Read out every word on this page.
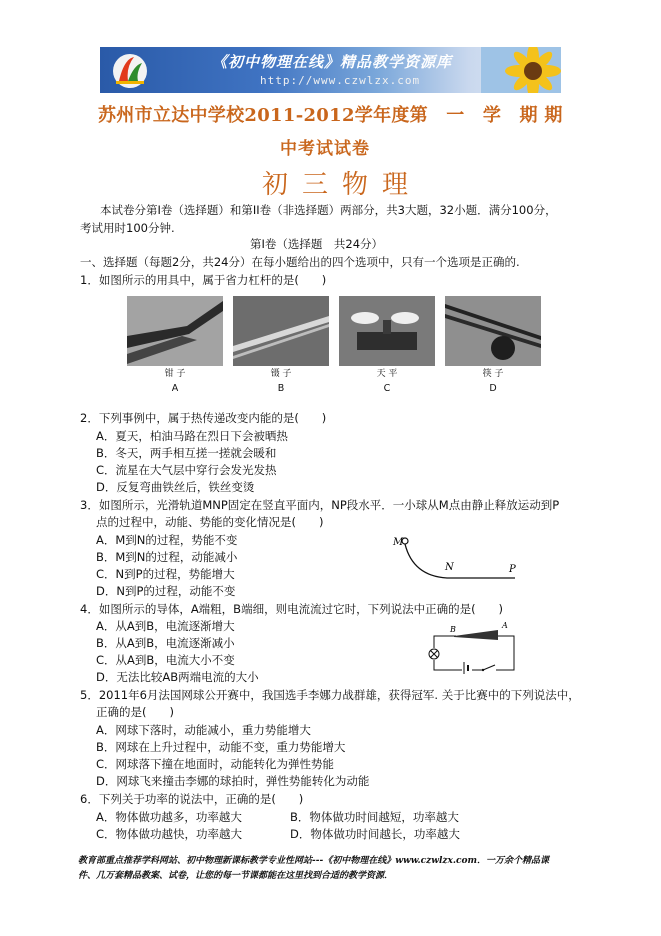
《初中物理在线》精品教学资源库
http://www.czwlzx.com
苏州市立达中学校2011-2012学年度第　一　学　期 期
中考试试卷
初三物理
本试卷分第Ⅰ卷（选择题）和第II卷（非选择题）两部分，共3大题，32小题．满分100分，
考试用时100分钟.
第Ⅰ卷（选择题　共24分）
一、选择题（每题2分，共24分）在每小题给出的四个选项中，只有一个选项是正确的.
1．如图所示的用具中，属于省力杠杆的是(　　)
钳 子	镊 子	天 平	筷 子
A	B	C	D
2．下列事例中，属于热传递改变内能的是(　　)
A．夏天，柏油马路在烈日下会被晒热
B．冬天，两手相互搓一搓就会暖和
C．流星在大气层中穿行会发光发热
D．反复弯曲铁丝后，铁丝变烫
3．如图所示，光滑轨道MNP固定在竖直平面内，NP段水平．一小球从M点由静止释放运动到P
点的过程中，动能、势能的变化情况是(　　)
A．M到N的过程，势能不变
B．M到N的过程，动能减小
C．N到P的过程，势能增大
D．N到P的过程，动能不变
M
N	P
4．如图所示的导体，A端粗，B端细，则电流流过它时，下列说法中正确的是(　　)
A．从A到B，电流逐渐增大
B．从A到B，电流逐渐减小
C．从A到B，电流大小不变
D．无法比较AB两端电流的大小
B	A
5．2011年6月法国网球公开赛中，我国选手李娜力战群雄，获得冠军. 关于比赛中的下列说法中，
正确的是(　　)
A．网球下落时，动能减小，重力势能增大
B．网球在上升过程中，动能不变，重力势能增大
C．网球落下撞在地面时，动能转化为弹性势能
D．网球飞来撞击李娜的球拍时，弹性势能转化为动能
6．下列关于功率的说法中，正确的是(　　)
A．物体做功越多，功率越大	B．物体做功时间越短，功率越大
C．物体做功越快，功率越大	D．物体做功时间越长，功率越大
教育部重点推荐学科网站、初中物理新课标教学专业性网站---《初中物理在线》www.czwlzx.com．一万余个精品课
件、几万套精品教案、试卷，让您的每一节课都能在这里找到合适的教学资源．
